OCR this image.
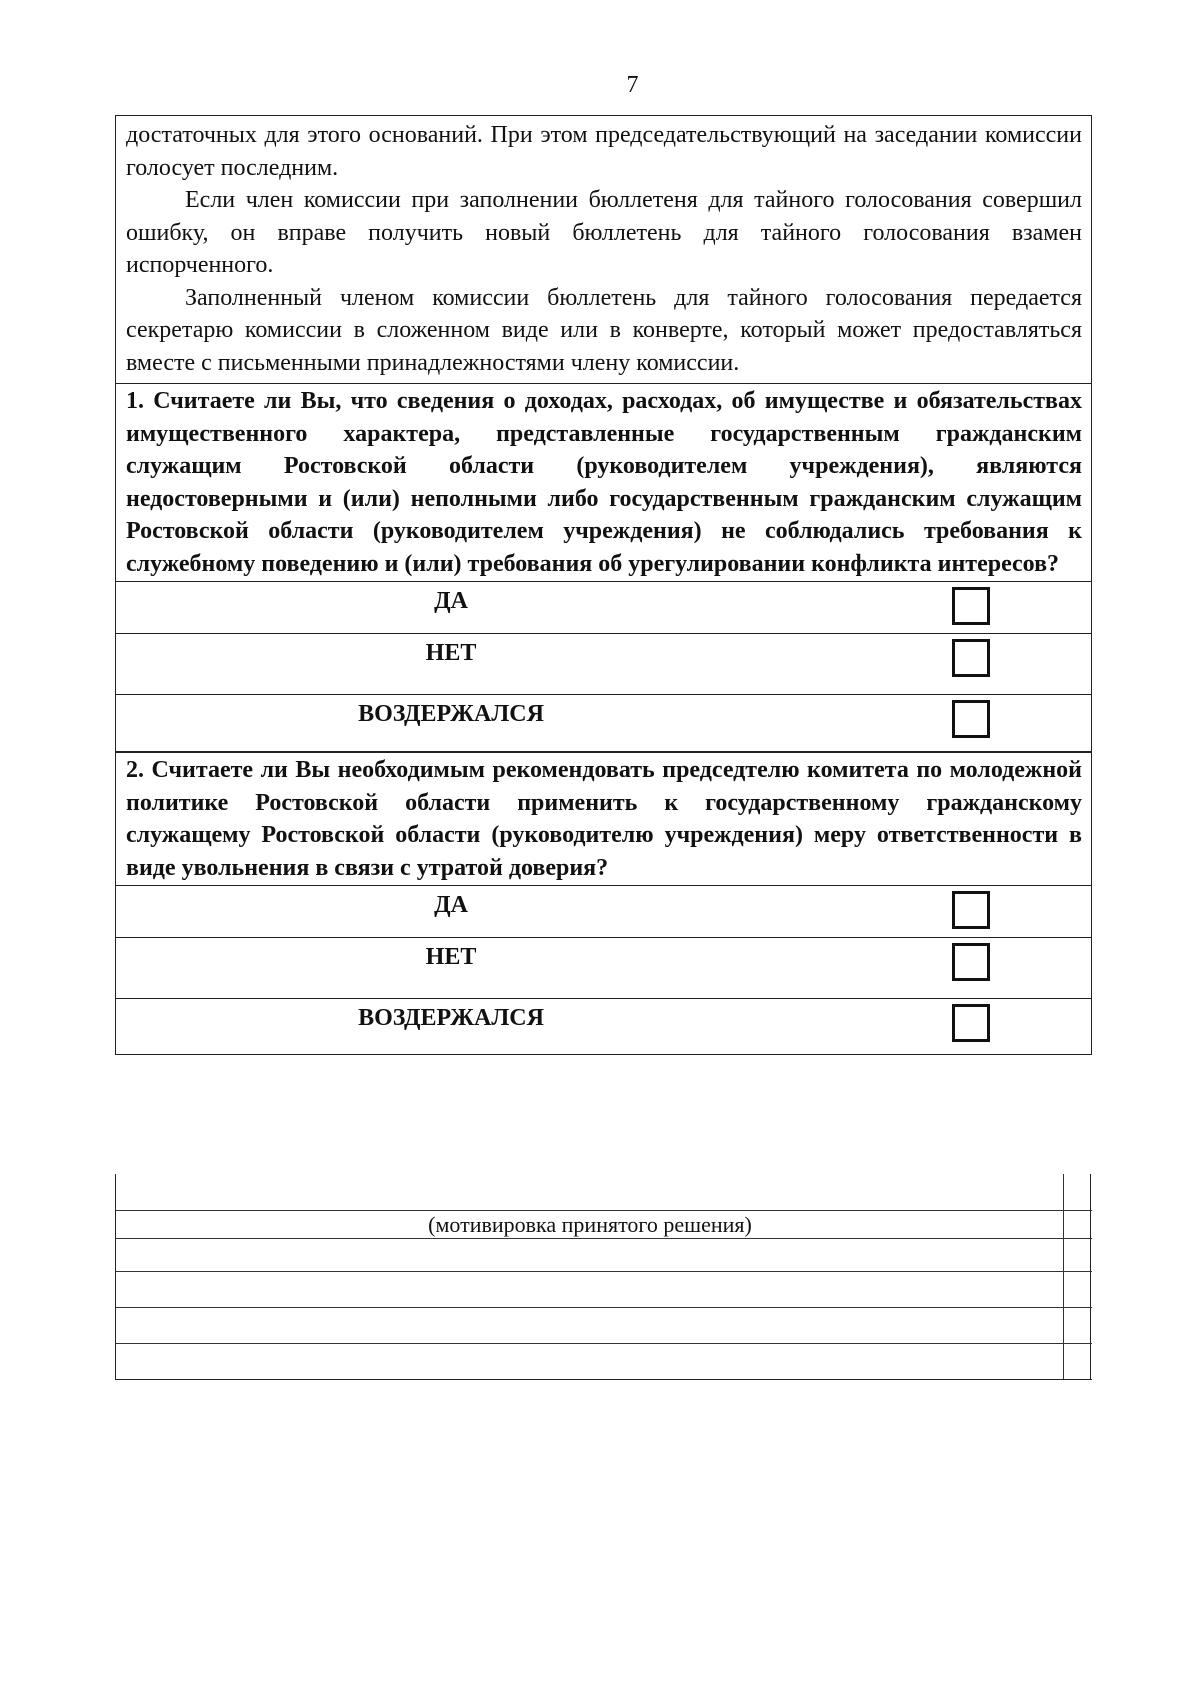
7

достаточных для этого оснований. При этом председательствующий на заседании комиссии голосует последним.

Если член комиссии при заполнении бюллетеня для тайного голосования совершил ошибку, он вправе получить новый бюллетень для тайного голосования взамен испорченного.

Заполненный членом комиссии бюллетень для тайного голосования передается секретарю комиссии в сложенном виде или в конверте, который может предоставляться вместе с письменными принадлежностями члену комиссии.

1. Считаете ли Вы, что сведения о доходах, расходах, об имуществе и обязательствах имущественного характера, представленные государственным гражданским служащим Ростовской области (руководителем учреждения), являются недостоверными и (или) неполными либо государственным гражданским служащим Ростовской области (руководителем учреждения) не соблюдались требования к служебному поведению и (или) требования об урегулировании конфликта интересов?
ДА
НЕТ
ВОЗДЕРЖАЛСЯ
2. Считаете ли Вы необходимым рекомендовать председтелю комитета по молодежной политике Ростовской области применить к государственному гражданскому служащему Ростовской области (руководителю учреждения) меру ответственности в виде увольнения в связи с утратой доверия?
ДА
НЕТ
ВОЗДЕРЖАЛСЯ
(мотивировка принятого решения)
